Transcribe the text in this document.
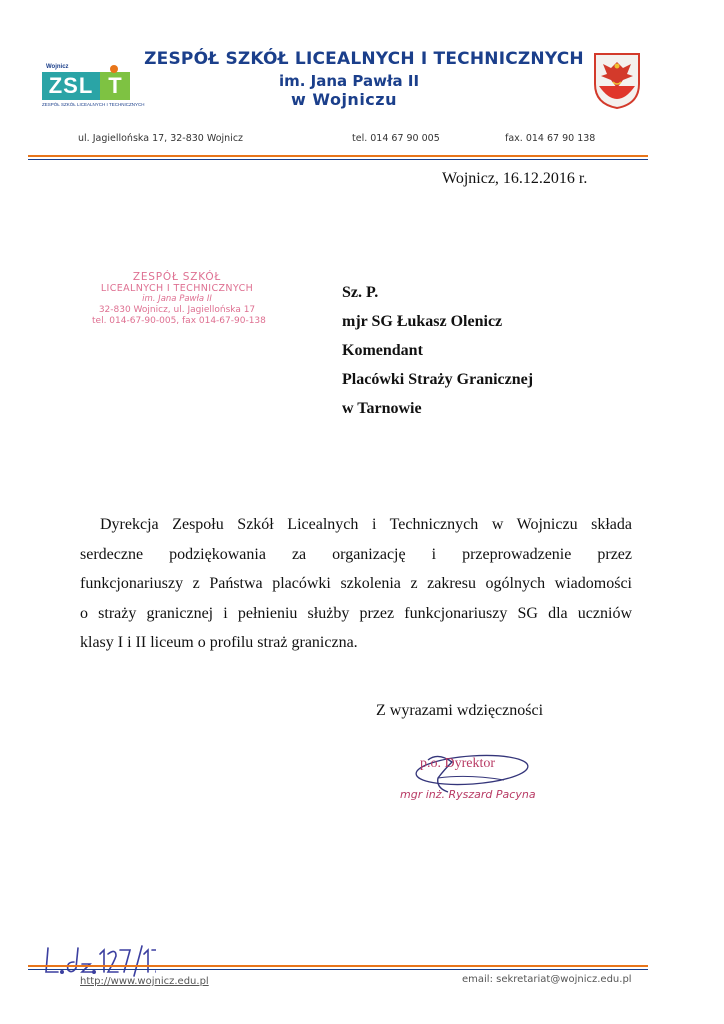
Wojnicz
ZSL T
ZESPÓŁ SZKÓŁ LICEALNYCH I TECHNICZNYCH
ZESPÓŁ SZKÓŁ LICEALNYCH I TECHNICZNYCH
im. Jana Pawła II
w Wojniczu
ul. Jagiellońska 17, 32-830 Wojnicz	tel. 014 67 90 005	fax. 014 67 90 138
Wojnicz, 16.12.2016 r.
ZESPÓŁ SZKÓŁ
LICEALNYCH I TECHNICZNYCH
im. Jana Pawła II
32-830 Wojnicz, ul. Jagiellońska 17
tel. 014-67-90-005, fax 014-67-90-138
Sz. P.
mjr SG Łukasz Olenicz
Komendant
Placówki Straży Granicznej
w Tarnowie
Dyrekcja Zespołu Szkół Licealnych i Technicznych w Wojniczu składa
serdeczne podziękowania za organizację i przeprowadzenie przez
funkcjonariuszy z Państwa placówki szkolenia z zakresu ogólnych wiadomości
o straży granicznej i pełnieniu służby przez funkcjonariuszy SG dla uczniów
klasy I i II liceum o profilu straż graniczna.
Z wyrazami wdzięczności
p.o. Dyrektor
mgr inż. Ryszard Pacyna
http://www.wojnicz.edu.pl	email: sekretariat@wojnicz.edu.pl
